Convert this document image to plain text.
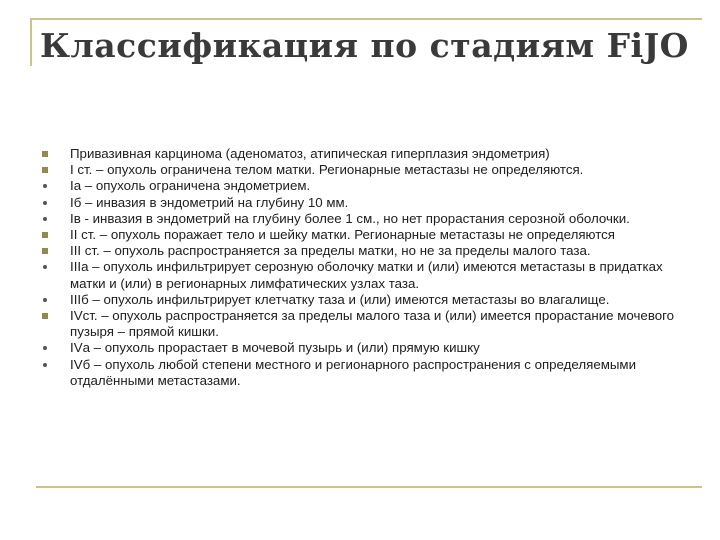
Классификация по стадиям FiJO
Привазивная карцинома (аденоматоз, атипическая гиперплазия эндометрия)
I ст. – опухоль ограничена телом матки. Регионарные метастазы не определяются.
Ia – опухоль ограничена эндометрием.
Iб – инвазия в эндометрий на глубину 10 мм.
Iв - инвазия в эндометрий на глубину более 1 см., но нет прорастания серозной оболочки.
II ст. – опухоль поражает тело и шейку матки. Регионарные метастазы не определяются
III ст. – опухоль распространяется за пределы матки, но не за пределы малого таза.
IIIа – опухоль инфильтрирует серозную оболочку матки и (или) имеются метастазы в придатках матки и (или) в регионарных лимфатических узлах таза.
IIIб – опухоль инфильтрирует клетчатку таза и (или) имеются метастазы во влагалище.
IVст. – опухоль распространяется за пределы малого таза и (или) имеется прорастание мочевого пузыря – прямой кишки.
IVа – опухоль прорастает в мочевой пузырь и (или) прямую кишку
IVб – опухоль любой степени местного и регионарного распространения с определяемыми отдалёнными метастазами.
